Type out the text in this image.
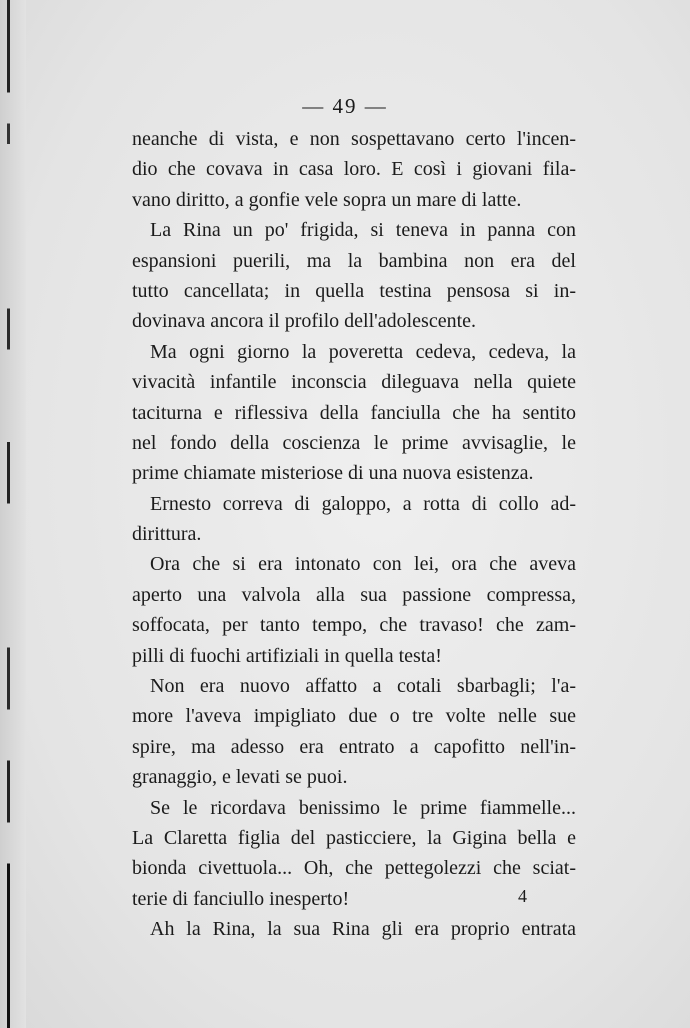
— 49 —
neanche di vista, e non sospettavano certo l'incen-
dio che covava in casa loro. E così i giovani fila-
vano diritto, a gonfie vele sopra un mare di latte.
La Rina un po' frigida, si teneva in panna con
espansioni puerili, ma la bambina non era del
tutto cancellata; in quella testina pensosa si in-
dovinava ancora il profilo dell'adolescente.
Ma ogni giorno la poveretta cedeva, cedeva, la
vivacità infantile inconscia dileguava nella quiete
taciturna e riflessiva della fanciulla che ha sentito
nel fondo della coscienza le prime avvisaglie, le
prime chiamate misteriose di una nuova esistenza.
Ernesto correva di galoppo, a rotta di collo ad-
dirittura.
Ora che si era intonato con lei, ora che aveva
aperto una valvola alla sua passione compressa,
soffocata, per tanto tempo, che travaso! che zam-
pilli di fuochi artifiziali in quella testa!
Non era nuovo affatto a cotali sbarbagli; l'a-
more l'aveva impigliato due o tre volte nelle sue
spire, ma adesso era entrato a capofitto nell'in-
granaggio, e levati se puoi.
Se le ricordava benissimo le prime fiammelle...
La Claretta figlia del pasticciere, la Gigina bella e
bionda civettuola... Oh, che pettegolezzi che sciat-
terie di fanciullo inesperto!
Ah la Rina, la sua Rina gli era proprio entrata
4
